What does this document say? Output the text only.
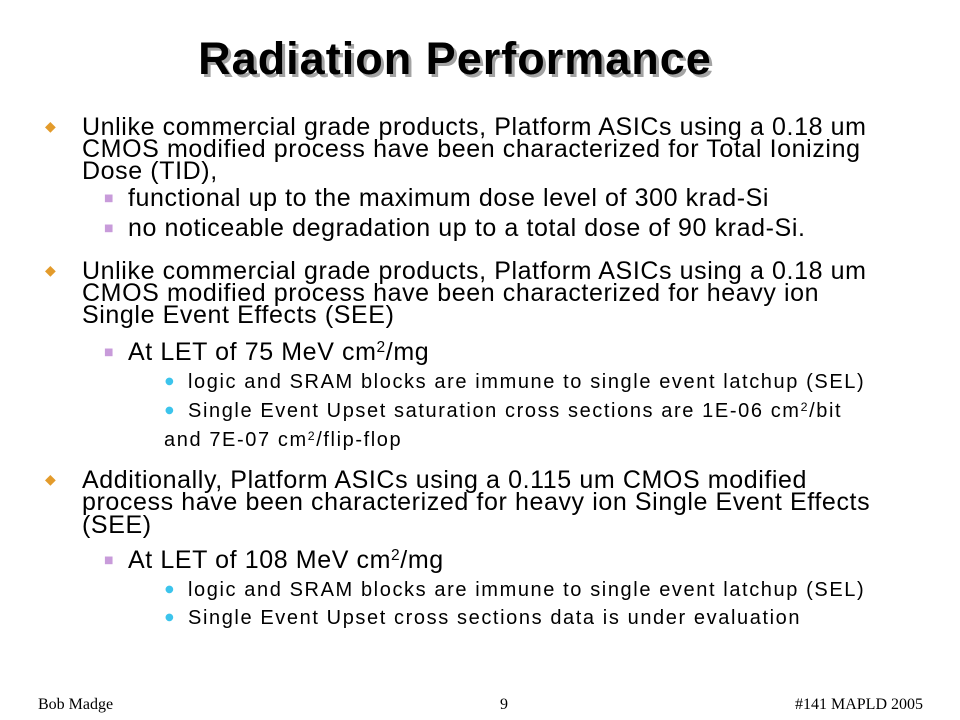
Radiation Performance
◆ Unlike commercial grade products, Platform ASICs using a 0.18 um
CMOS modified process have been characterized for Total Ionizing
Dose (TID),
■ functional up to the maximum dose level of 300 krad-Si
■ no noticeable degradation up to a total dose of 90 krad-Si.
◆ Unlike commercial grade products, Platform ASICs using a 0.18 um
CMOS modified process have been characterized for heavy ion
Single Event Effects (SEE)
■ At LET of 75 MeV $cm^2/mg$
● logic and SRAM blocks are immune to single event latchup (SEL)
● Single Event Upset saturation cross sections are 1E-06 $cm^2$/bit
and 7E-07 $cm^2/flip$-flop
◆ Additionally, Platform ASICs using a 0.115 um CMOS modified
process have been characterized for heavy ion Single Event Effects
(SEE)
■ At LET of 108 MeV $cm^2/mg$
● logic and SRAM blocks are immune to single event latchup (SEL)
● Single Event Upset cross sections data is under evaluation
Bob Madge	9	#141 MAPLD 2005
